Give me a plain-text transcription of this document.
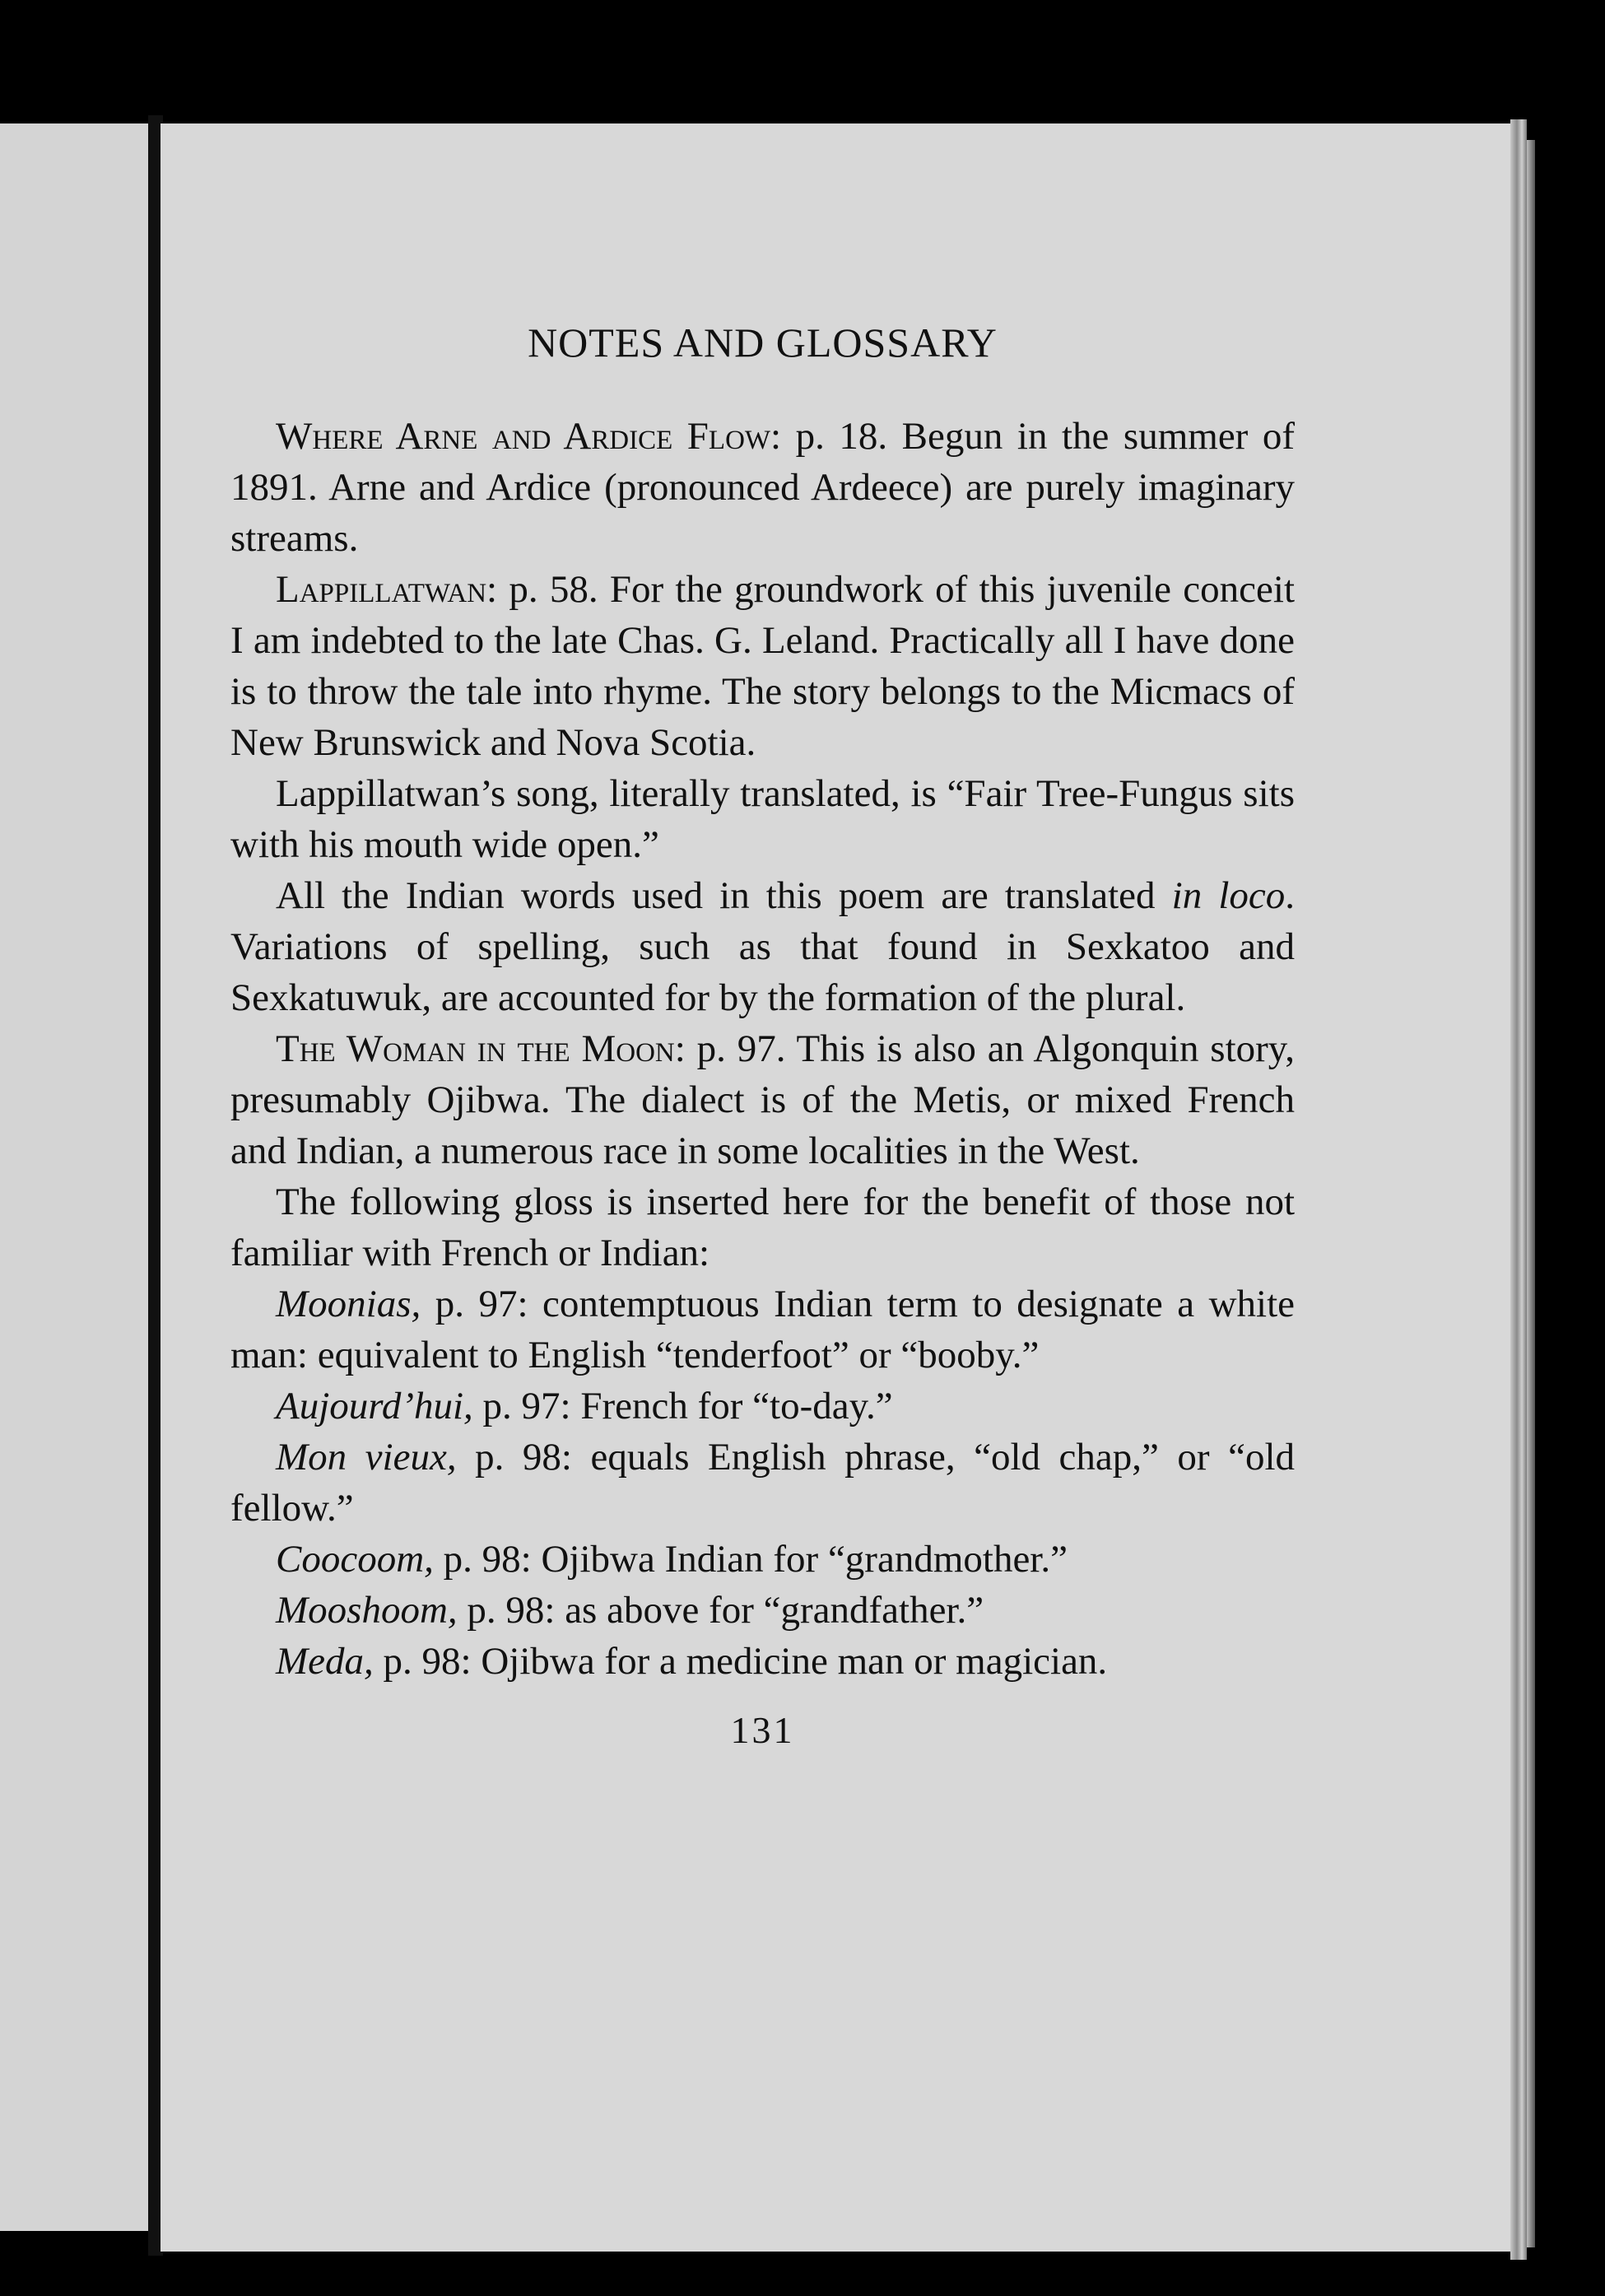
NOTES AND GLOSSARY

Where Arne and Ardice Flow: p. 18. Begun in the summer of 1891. Arne and Ardice (pronounced Ardeece) are purely imaginary streams.

Lappillatwan: p. 58. For the groundwork of this juvenile conceit I am indebted to the late Chas. G. Leland. Practically all I have done is to throw the tale into rhyme. The story belongs to the Micmacs of New Brunswick and Nova Scotia.

Lappillatwan’s song, literally translated, is “Fair Tree-Fungus sits with his mouth wide open.”

All the Indian words used in this poem are translated in loco. Variations of spelling, such as that found in Sexkatoo and Sexkatuwuk, are accounted for by the formation of the plural.

The Woman in the Moon: p. 97. This is also an Algonquin story, presumably Ojibwa. The dialect is of the Metis, or mixed French and Indian, a numerous race in some localities in the West.

The following gloss is inserted here for the benefit of those not familiar with French or Indian:

Moonias, p. 97: contemptuous Indian term to designate a white man: equivalent to English “tenderfoot” or “booby.”

Aujourd’hui, p. 97: French for “to-day.”

Mon vieux, p. 98: equals English phrase, “old chap,” or “old fellow.”

Coocoom, p. 98: Ojibwa Indian for “grandmother.”

Mooshoom, p. 98: as above for “grandfather.”

Meda, p. 98: Ojibwa for a medicine man or magician.

131
